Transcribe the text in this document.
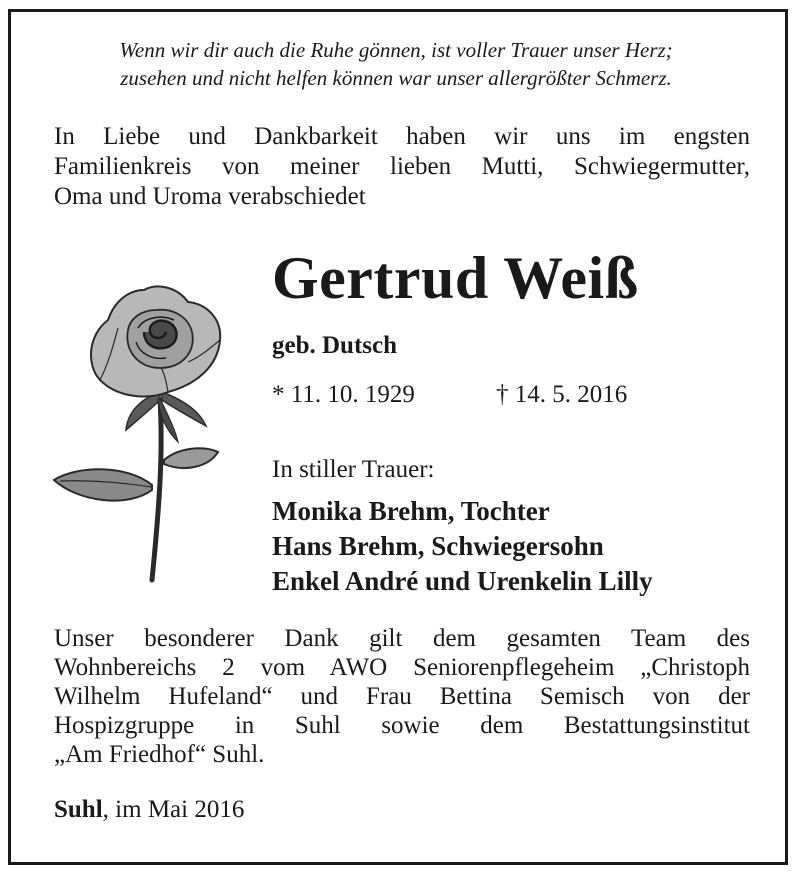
Wenn wir dir auch die Ruhe gönnen, ist voller Trauer unser Herz;
zusehen und nicht helfen können war unser allergrößter Schmerz.
In Liebe und Dankbarkeit haben wir uns im engsten
Familienkreis von meiner lieben Mutti, Schwiegermutter,
Oma und Uroma verabschiedet
Gertrud Weiß
geb. Dutsch
* 11. 10. 1929	† 14. 5. 2016
In stiller Trauer:
Monika Brehm, Tochter
Hans Brehm, Schwiegersohn
Enkel André und Urenkelin Lilly
Unser besonderer Dank gilt dem gesamten Team des
Wohnbereichs 2 vom AWO Seniorenpflegeheim „Christoph
Wilhelm Hufeland“ und Frau Bettina Semisch von der
Hospizgruppe in Suhl sowie dem Bestattungsinstitut
„Am Friedhof“ Suhl.
Suhl, im Mai 2016
